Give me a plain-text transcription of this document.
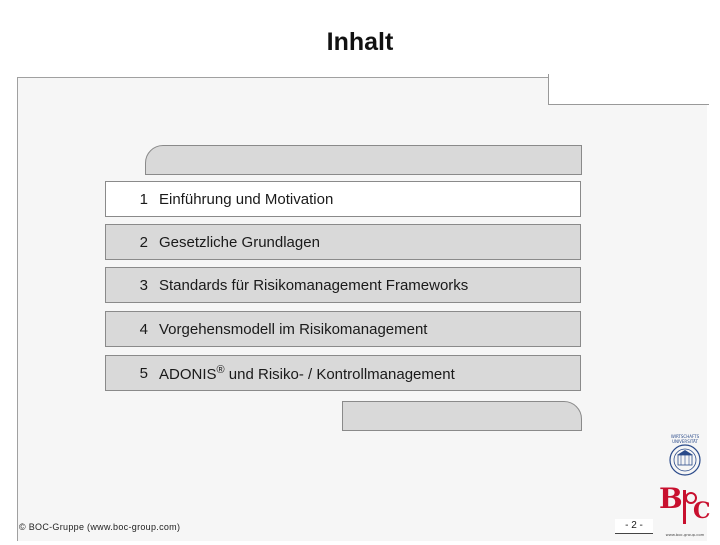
Inhalt
1 Einführung und Motivation
2 Gesetzliche Grundlagen
3 Standards für Risikomanagement Frameworks
4 Vorgehensmodell im Risikomanagement
5 ADONIS® und Risiko- / Kontrollmanagement
© BOC-Gruppe (www.boc-group.com)	- 2 -
WIRTSCHAFTS
UNIVERSITÄT
B C
www.boc-group.com
